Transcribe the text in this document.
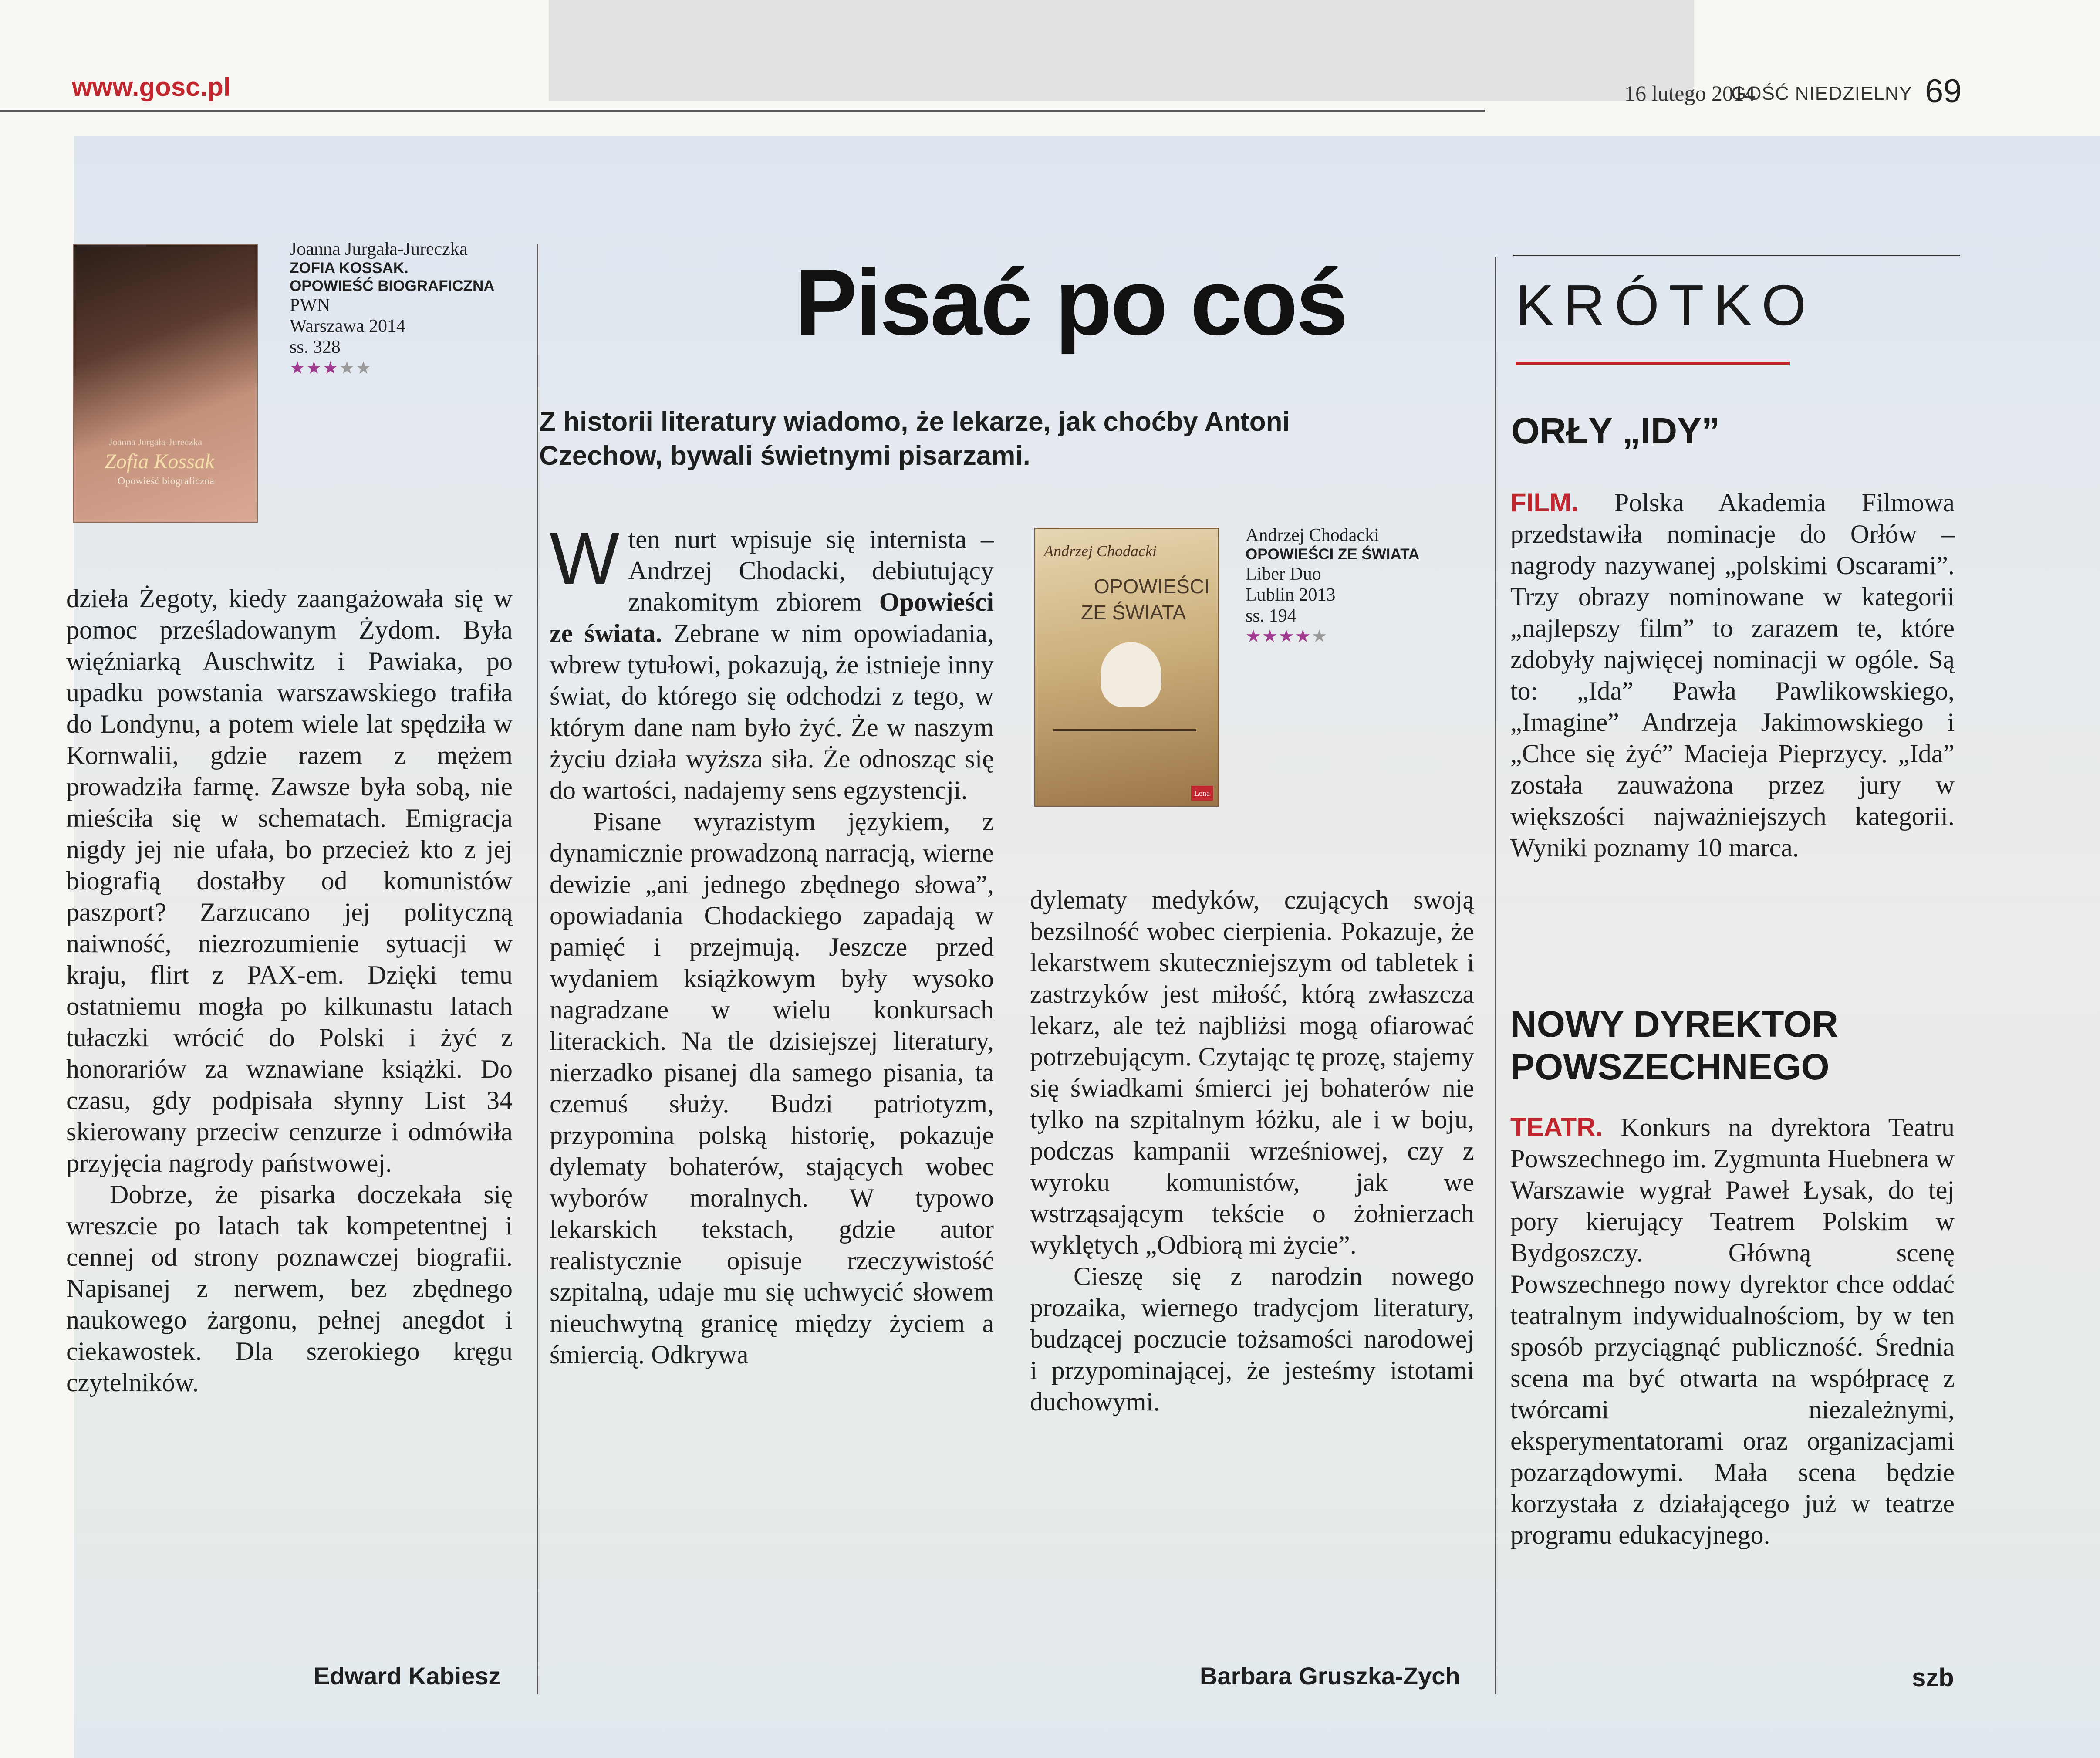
www.gosc.pl	16 lutego 2014
GOŚĆ NIEDZIELNY 69
Joanna Jurgała-Jureczka
Zofia Kossak
Opowieść biograficzna
Joanna Jurgała-Jureczka
ZOFIA KOSSAK.
OPOWIEŚĆ BIOGRAFICZNA
PWN
Warszawa 2014
ss. 328
★★★★★

dzieła Żegoty, kiedy zaangażowała się w pomoc prześladowanym Żydom. Była więźniarką Auschwitz i Pawiaka, po upadku powstania warszawskiego trafiła do Londynu, a potem wiele lat spędziła w Kornwalii, gdzie razem z mężem prowadziła farmę. Zawsze była sobą, nie mieściła się w schematach. Emigracja nigdy jej nie ufała, bo przecież kto z jej biografią dostałby od komunistów paszport? Zarzucano jej polityczną naiwność, niezrozumienie sytuacji w kraju, flirt z PAX-em. Dzięki temu ostatniemu mogła po kilkunastu latach tułaczki wrócić do Polski i żyć z honorariów za wznawiane książki. Do czasu, gdy podpisała słynny List 34 skierowany przeciw cenzurze i odmówiła przyjęcia nagrody państwowej.

Dobrze, że pisarka doczekała się wreszcie po latach tak kompetentnej i cennej od strony poznawczej biografii. Napisanej z nerwem, bez zbędnego naukowego żargonu, pełnej anegdot i ciekawostek. Dla szerokiego kręgu czytelników.

Edward Kabiesz
Pisać po coś
Z historii literatury wiadomo, że lekarze, jak choćby Antoni Czechow, bywali świetnymi pisarzami.

W ten nurt wpisuje się internista – Andrzej Chodacki, debiutujący znakomitym zbiorem Opowieści ze świata. Zebrane w nim opowiadania, wbrew tytułowi, pokazują, że istnieje inny świat, do którego się odchodzi z tego, w którym dane nam było żyć. Że w naszym życiu działa wyższa siła. Że odnosząc się do wartości, nadajemy sens egzystencji.

Pisane wyrazistym językiem, z dynamicznie prowadzoną narracją, wierne dewizie „ani jednego zbędnego słowa”, opowiadania Chodackiego zapadają w pamięć i przejmują. Jeszcze przed wydaniem książkowym były wysoko nagradzane w wielu konkursach literackich. Na tle dzisiejszej literatury, nierzadko pisanej dla samego pisania, ta czemuś służy. Budzi patriotyzm, przypomina polską historię, pokazuje dylematy bohaterów, stających wobec wyborów moralnych. W typowo lekarskich tekstach, gdzie autor realistycznie opisuje rzeczywistość szpitalną, udaje mu się uchwycić słowem nieuchwytną granicę między życiem a śmiercią. Odkrywa

Andrzej Chodacki
OPOWIEŚCI
ZE ŚWIATA
Lena
Andrzej Chodacki
OPOWIEŚCI ZE ŚWIATA
Liber Duo
Lublin 2013
ss. 194
★★★★★

dylematy medyków, czujących swoją bezsilność wobec cierpienia. Pokazuje, że lekarstwem skuteczniejszym od tabletek i zastrzyków jest miłość, którą zwłaszcza lekarz, ale też najbliżsi mogą ofiarować potrzebującym. Czytając tę prozę, stajemy się świadkami śmierci jej bohaterów nie tylko na szpitalnym łóżku, ale i w boju, podczas kampanii wrześniowej, czy z wyroku komunistów, jak we wstrząsającym tekście o żołnierzach wyklętych „Odbiorą mi życie”.

Cieszę się z narodzin nowego prozaika, wiernego tradycjom literatury, budzącej poczucie tożsamości narodowej i przypominającej, że jesteśmy istotami duchowymi.

Barbara Gruszka-Zych
KRÓTKO
ORŁY „IDY”

FILM. Polska Akademia Filmowa przedstawiła nominacje do Orłów – nagrody nazywanej „polskimi Oscarami”. Trzy obrazy nominowane w kategorii „najlepszy film” to zarazem te, które zdobyły najwięcej nominacji w ogóle. Są to: „Ida” Pawła Pawlikowskiego, „Imagine” Andrzeja Jakimowskiego i „Chce się żyć” Macieja Pieprzycy. „Ida” została zauważona przez jury w większości najważniejszych kategorii. Wyniki poznamy 10 marca.

NOWY DYREKTOR
POWSZECHNEGO

TEATR. Konkurs na dyrektora Teatru Powszechnego im. Zygmunta Huebnera w Warszawie wygrał Paweł Łysak, do tej pory kierujący Teatrem Polskim w Bydgoszczy. Główną scenę Powszechnego nowy dyrektor chce oddać teatralnym indywidualnościom, by w ten sposób przyciągnąć publiczność. Średnia scena ma być otwarta na współpracę z twórcami niezależnymi, eksperymentatorami oraz organizacjami pozarządowymi. Mała scena będzie korzystała z działającego już w teatrze programu edukacyjnego.

szb
